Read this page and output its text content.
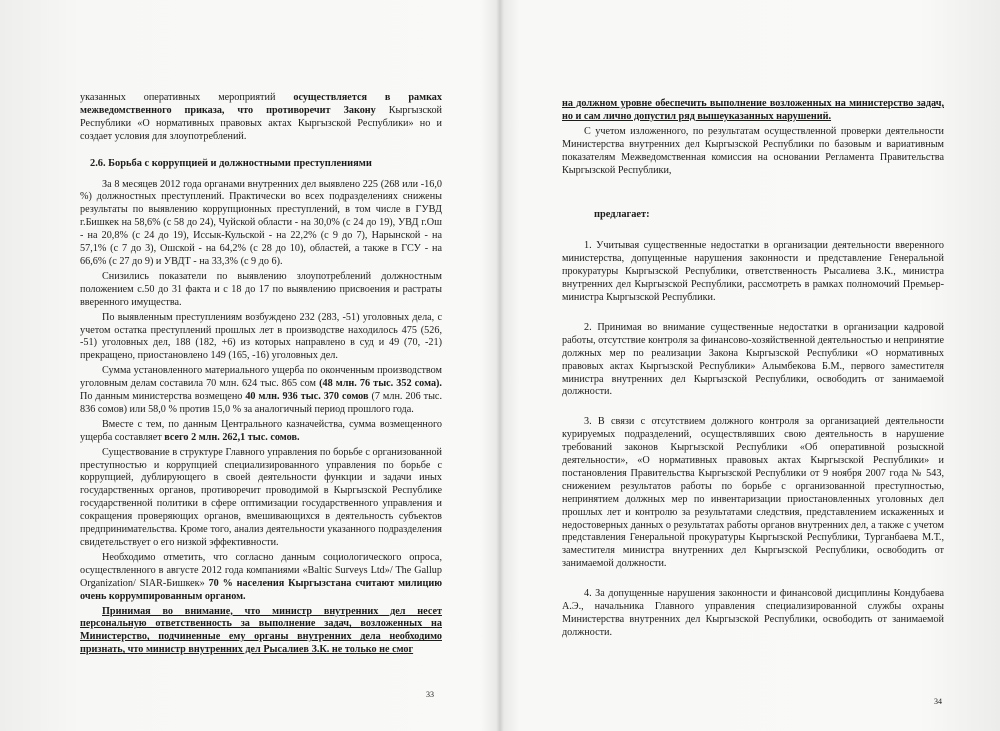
указанных оперативных мероприятий осуществляется в рамках межведомственного приказа, что противоречит Закону Кыргызской Республики «О нормативных правовых актах Кыргызской Республики» но и создает условия для злоупотреблений.

2.6. Борьба с коррупцией и должностными преступлениями

За 8 месяцев 2012 года органами внутренних дел выявлено 225 (268 или -16,0 %) должностных преступлений. Практически во всех подразделениях снижены результаты по выявлению коррупционных преступлений, в том числе в ГУВД г.Бишкек на 58,6% (с 58 до 24), Чуйской области - на 30,0% (с 24 до 19), УВД г.Ош - на 20,8% (с 24 до 19), Иссык-Кульской - на 22,2% (с 9 до 7), Нарынской - на 57,1% (с 7 до 3), Ошской - на 64,2% (с 28 до 10), областей, а также в ГСУ - на 66,6% (с 27 до 9) и УВДТ - на 33,3% (с 9 до 6).

Снизились показатели по выявлению злоупотреблений должностным положением с.50 до 31 факта и с 18 до 17 по выявлению присвоения и растраты вверенного имущества.

По выявленным преступлениям возбуждено 232 (283, -51) уголовных дела, с учетом остатка преступлений прошлых лет в производстве находилось 475 (526, -51) уголовных дел, 188 (182, +6) из которых направлено в суд и 49 (70, -21) прекращено, приостановлено 149 (165, -16) уголовных дел.

Сумма установленного материального ущерба по оконченным производством уголовным делам составила 70 млн. 624 тыс. 865 сом (48 млн. 76 тыс. 352 сома). По данным министерства возмещено 40 млн. 936 тыс. 370 сомов (7 млн. 206 тыс. 836 сомов) или 58,0 % против 15,0 % за аналогичный период прошлого года.

Вместе с тем, по данным Центрального казначейства, сумма возмещенного ущерба составляет всего 2 млн. 262,1 тыс. сомов.

Существование в структуре Главного управления по борьбе с организованной преступностью и коррупцией специализированного управления по борьбе с коррупцией, дублирующего в своей деятельности функции и задачи иных государственных органов, противоречит проводимой в Кыргызской Республике государственной политики в сфере оптимизации государственного управления и сокращения проверяющих органов, вмешивающихся в деятельность субъектов предпринимательства. Кроме того, анализ деятельности указанного подразделения свидетельствует о его низкой эффективности.

Необходимо отметить, что согласно данным социологического опроса, осуществленного в августе 2012 года компаниями «Baltic Surveys Ltd»/ The Gallup Organization/ SIAR-Бишкек» 70 % населения Кыргызстана считают милицию очень коррумпированным органом.

Принимая во внимание, что министр внутренних дел несет персональную ответственность за выполнение задач, возложенных на Министерство, подчиненные ему органы внутренних дела необходимо признать, что министр внутренних дел Рысалиев З.К. не только не смог

33

на должном уровне обеспечить выполнение возложенных на министерство задач, но и сам лично допустил ряд вышеуказанных нарушений.

С учетом изложенного, по результатам осуществленной проверки деятельности Министерства внутренних дел Кыргызской Республики по базовым и вариативным показателям Межведомственная комиссия на основании Регламента Правительства Кыргызской Республики,

предлагает:

1. Учитывая существенные недостатки в организации деятельности вверенного министерства, допущенные нарушения законности и представление Генеральной прокуратуры Кыргызской Республики, ответственность Рысалиева З.К., министра внутренних дел Кыргызской Республики, рассмотреть в рамках полномочий Премьер-министра Кыргызской Республики.

2. Принимая во внимание существенные недостатки в организации кадровой работы, отсутствие контроля за финансово-хозяйственной деятельностью и непринятие должных мер по реализации Закона Кыргызской Республики «О нормативных правовых актах Кыргызской Республики» Алымбекова Б.М., первого заместителя министра внутренних дел Кыргызской Республики, освободить от занимаемой должности.

3. В связи с отсутствием должного контроля за организацией деятельности курируемых подразделений, осуществлявших свою деятельность в нарушение требований законов Кыргызской Республики «Об оперативной розыскной деятельности», «О нормативных правовых актах Кыргызской Республики» и постановления Правительства Кыргызской Республики от 9 ноября 2007 года № 543, снижением результатов работы по борьбе с организованной преступностью, непринятием должных мер по инвентаризации приостановленных уголовных дел прошлых лет и контролю за результатами следствия, представлением искаженных и недостоверных данных о результатах работы органов внутренних дел, а также с учетом представления Генеральной прокуратуры Кыргызской Республики, Турганбаева М.Т., заместителя министра внутренних дел Кыргызской Республики, освободить от занимаемой должности.

4. За допущенные нарушения законности и финансовой дисциплины Кондубаева А.Э., начальника Главного управления специализированной службы охраны Министерства внутренних дел Кыргызской Республики, освободить от занимаемой должности.

34
